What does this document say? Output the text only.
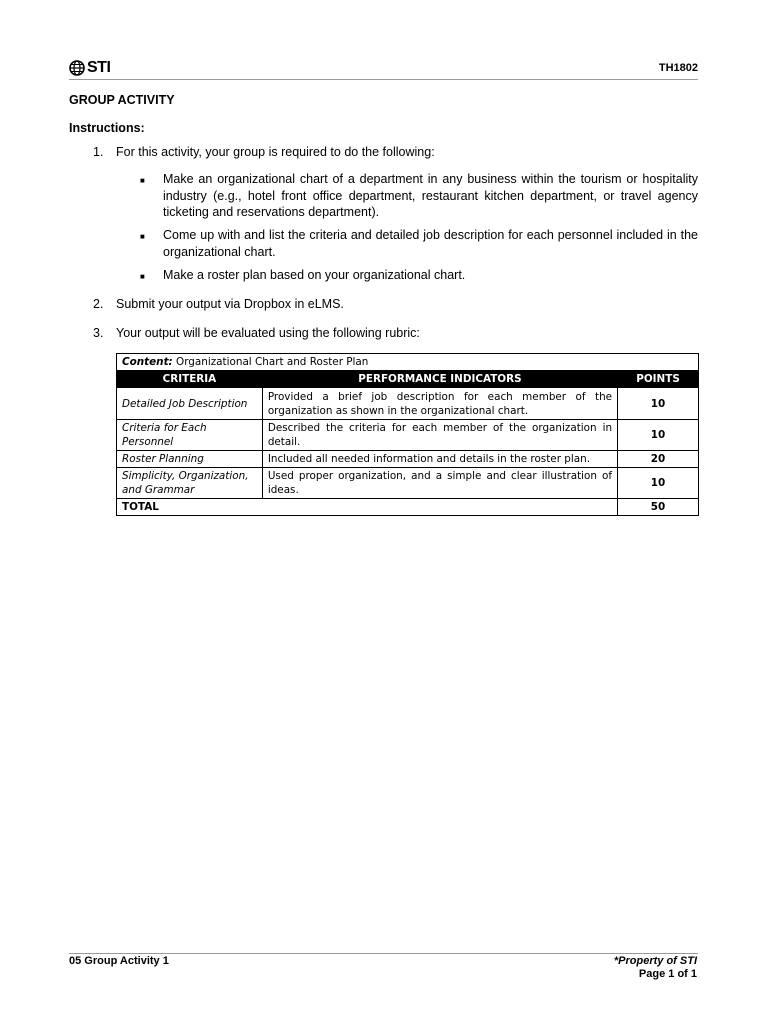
STI	TH1802
GROUP ACTIVITY
Instructions:
1.	For this activity, your group is required to do the following:
■ Make an organizational chart of a department in any business within the tourism or hospitality industry (e.g., hotel front office department, restaurant kitchen department, or travel agency ticketing and reservations department).
■ Come up with and list the criteria and detailed job description for each personnel included in the organizational chart.
■ Make a roster plan based on your organizational chart.
2.	Submit your output via Dropbox in eLMS.
3.	Your output will be evaluated using the following rubric:
Content: Organizational Chart and Roster Plan		
CRITERIA	PERFORMANCE INDICATORS	POINTS
Detailed Job Description	Provided a brief job description for each member of the organization as shown in the organizational chart.	10
Criteria for Each Personnel	Described the criteria for each member of the organization in detail.	10
Roster Planning	Included all needed information and details in the roster plan.	20
Simplicity, Organization, and Grammar	Used proper organization, and a simple and clear illustration of ideas.	10
TOTAL		50
05 Group Activity 1	*Property of STI
Page 1 of 1
